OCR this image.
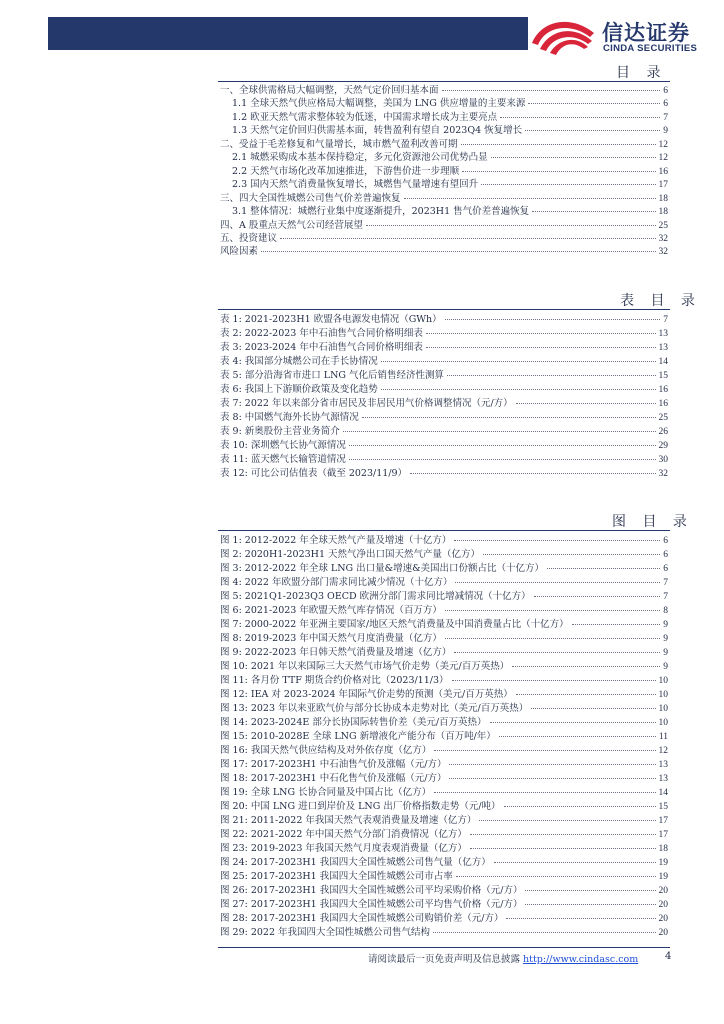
信达证券
CINDA SECURITIES
目 录
一、全球供需格局大幅调整，天然气定价回归基本面	6
1.1 全球天然气供应格局大幅调整，美国为 LNG 供应增量的主要来源	6
1.2 欧亚天然气需求整体较为低迷，中国需求增长成为主要亮点	7
1.3 天然气定价回归供需基本面，转售盈利有望自 2023Q4 恢复增长	9
二、受益于毛差修复和气量增长，城市燃气盈利改善可期	12
2.1 城燃采购成本基本保持稳定，多元化资源池公司优势凸显	12
2.2 天然气市场化改革加速推进，下游售价进一步理顺	16
2.3 国内天然气消费量恢复增长，城燃售气量增速有望回升	17
三、四大全国性城燃公司售气价差普遍恢复	18
3.1 整体情况：城燃行业集中度逐渐提升，2023H1 售气价差普遍恢复	18
四、A 股重点天然气公司经营展望	25
五、投资建议	32
风险因素	32
表 目 录
表 1: 2021-2023H1 欧盟各电源发电情况（GWh）	7
表 2: 2022-2023 年中石油售气合同价格明细表	13
表 3: 2023-2024 年中石油售气合同价格明细表	13
表 4: 我国部分城燃公司在手长协情况	14
表 5: 部分沿海省市进口 LNG 气化后销售经济性测算	15
表 6: 我国上下游顺价政策及变化趋势	16
表 7: 2022 年以来部分省市居民及非居民用气价格调整情况（元/方）	16
表 8: 中国燃气海外长协气源情况	25
表 9: 新奥股份主营业务简介	26
表 10: 深圳燃气长协气源情况	29
表 11: 蓝天燃气长输管道情况	30
表 12: 可比公司估值表（截至 2023/11/9）	32
图 目 录
图 1: 2012-2022 年全球天然气产量及增速（十亿方）	6
图 2: 2020H1-2023H1 天然气净出口国天然气产量（亿方）	6
图 3: 2012-2022 年全球 LNG 出口量&增速&美国出口份额占比（十亿方）	6
图 4: 2022 年欧盟分部门需求同比减少情况（十亿方）	7
图 5: 2021Q1-2023Q3 OECD 欧洲分部门需求同比增减情况（十亿方）	7
图 6: 2021-2023 年欧盟天然气库存情况（百万方）	8
图 7: 2000-2022 年亚洲主要国家/地区天然气消费量及中国消费量占比（十亿方）	9
图 8: 2019-2023 年中国天然气月度消费量（亿方）	9
图 9: 2022-2023 年日韩天然气消费量及增速（亿方）	9
图 10: 2021 年以来国际三大天然气市场气价走势（美元/百万英热）	9
图 11: 各月份 TTF 期货合约价格对比（2023/11/3）	10
图 12: IEA 对 2023-2024 年国际气价走势的预测（美元/百万英热）	10
图 13: 2023 年以来亚欧气价与部分长协成本走势对比（美元/百万英热）	10
图 14: 2023-2024E 部分长协国际转售价差（美元/百万英热）	10
图 15: 2010-2028E 全球 LNG 新增液化产能分布（百万吨/年）	11
图 16: 我国天然气供应结构及对外依存度（亿方）	12
图 17: 2017-2023H1 中石油售气价及涨幅（元/方）	13
图 18: 2017-2023H1 中石化售气价及涨幅（元/方）	13
图 19: 全球 LNG 长协合同量及中国占比（亿方）	14
图 20: 中国 LNG 进口到岸价及 LNG 出厂价格指数走势（元/吨）	15
图 21: 2011-2022 年我国天然气表观消费量及增速（亿方）	17
图 22: 2021-2022 年中国天然气分部门消费情况（亿方）	17
图 23: 2019-2023 年我国天然气月度表观消费量（亿方）	18
图 24: 2017-2023H1 我国四大全国性城燃公司售气量（亿方）	19
图 25: 2017-2023H1 我国四大全国性城燃公司市占率	19
图 26: 2017-2023H1 我国四大全国性城燃公司平均采购价格（元/方）	20
图 27: 2017-2023H1 我国四大全国性城燃公司平均售气价格（元/方）	20
图 28: 2017-2023H1 我国四大全国性城燃公司购销价差（元/方）	20
图 29: 2022 年我国四大全国性城燃公司售气结构	20
请阅读最后一页免责声明及信息披露 http://www.cindasc.com	4
